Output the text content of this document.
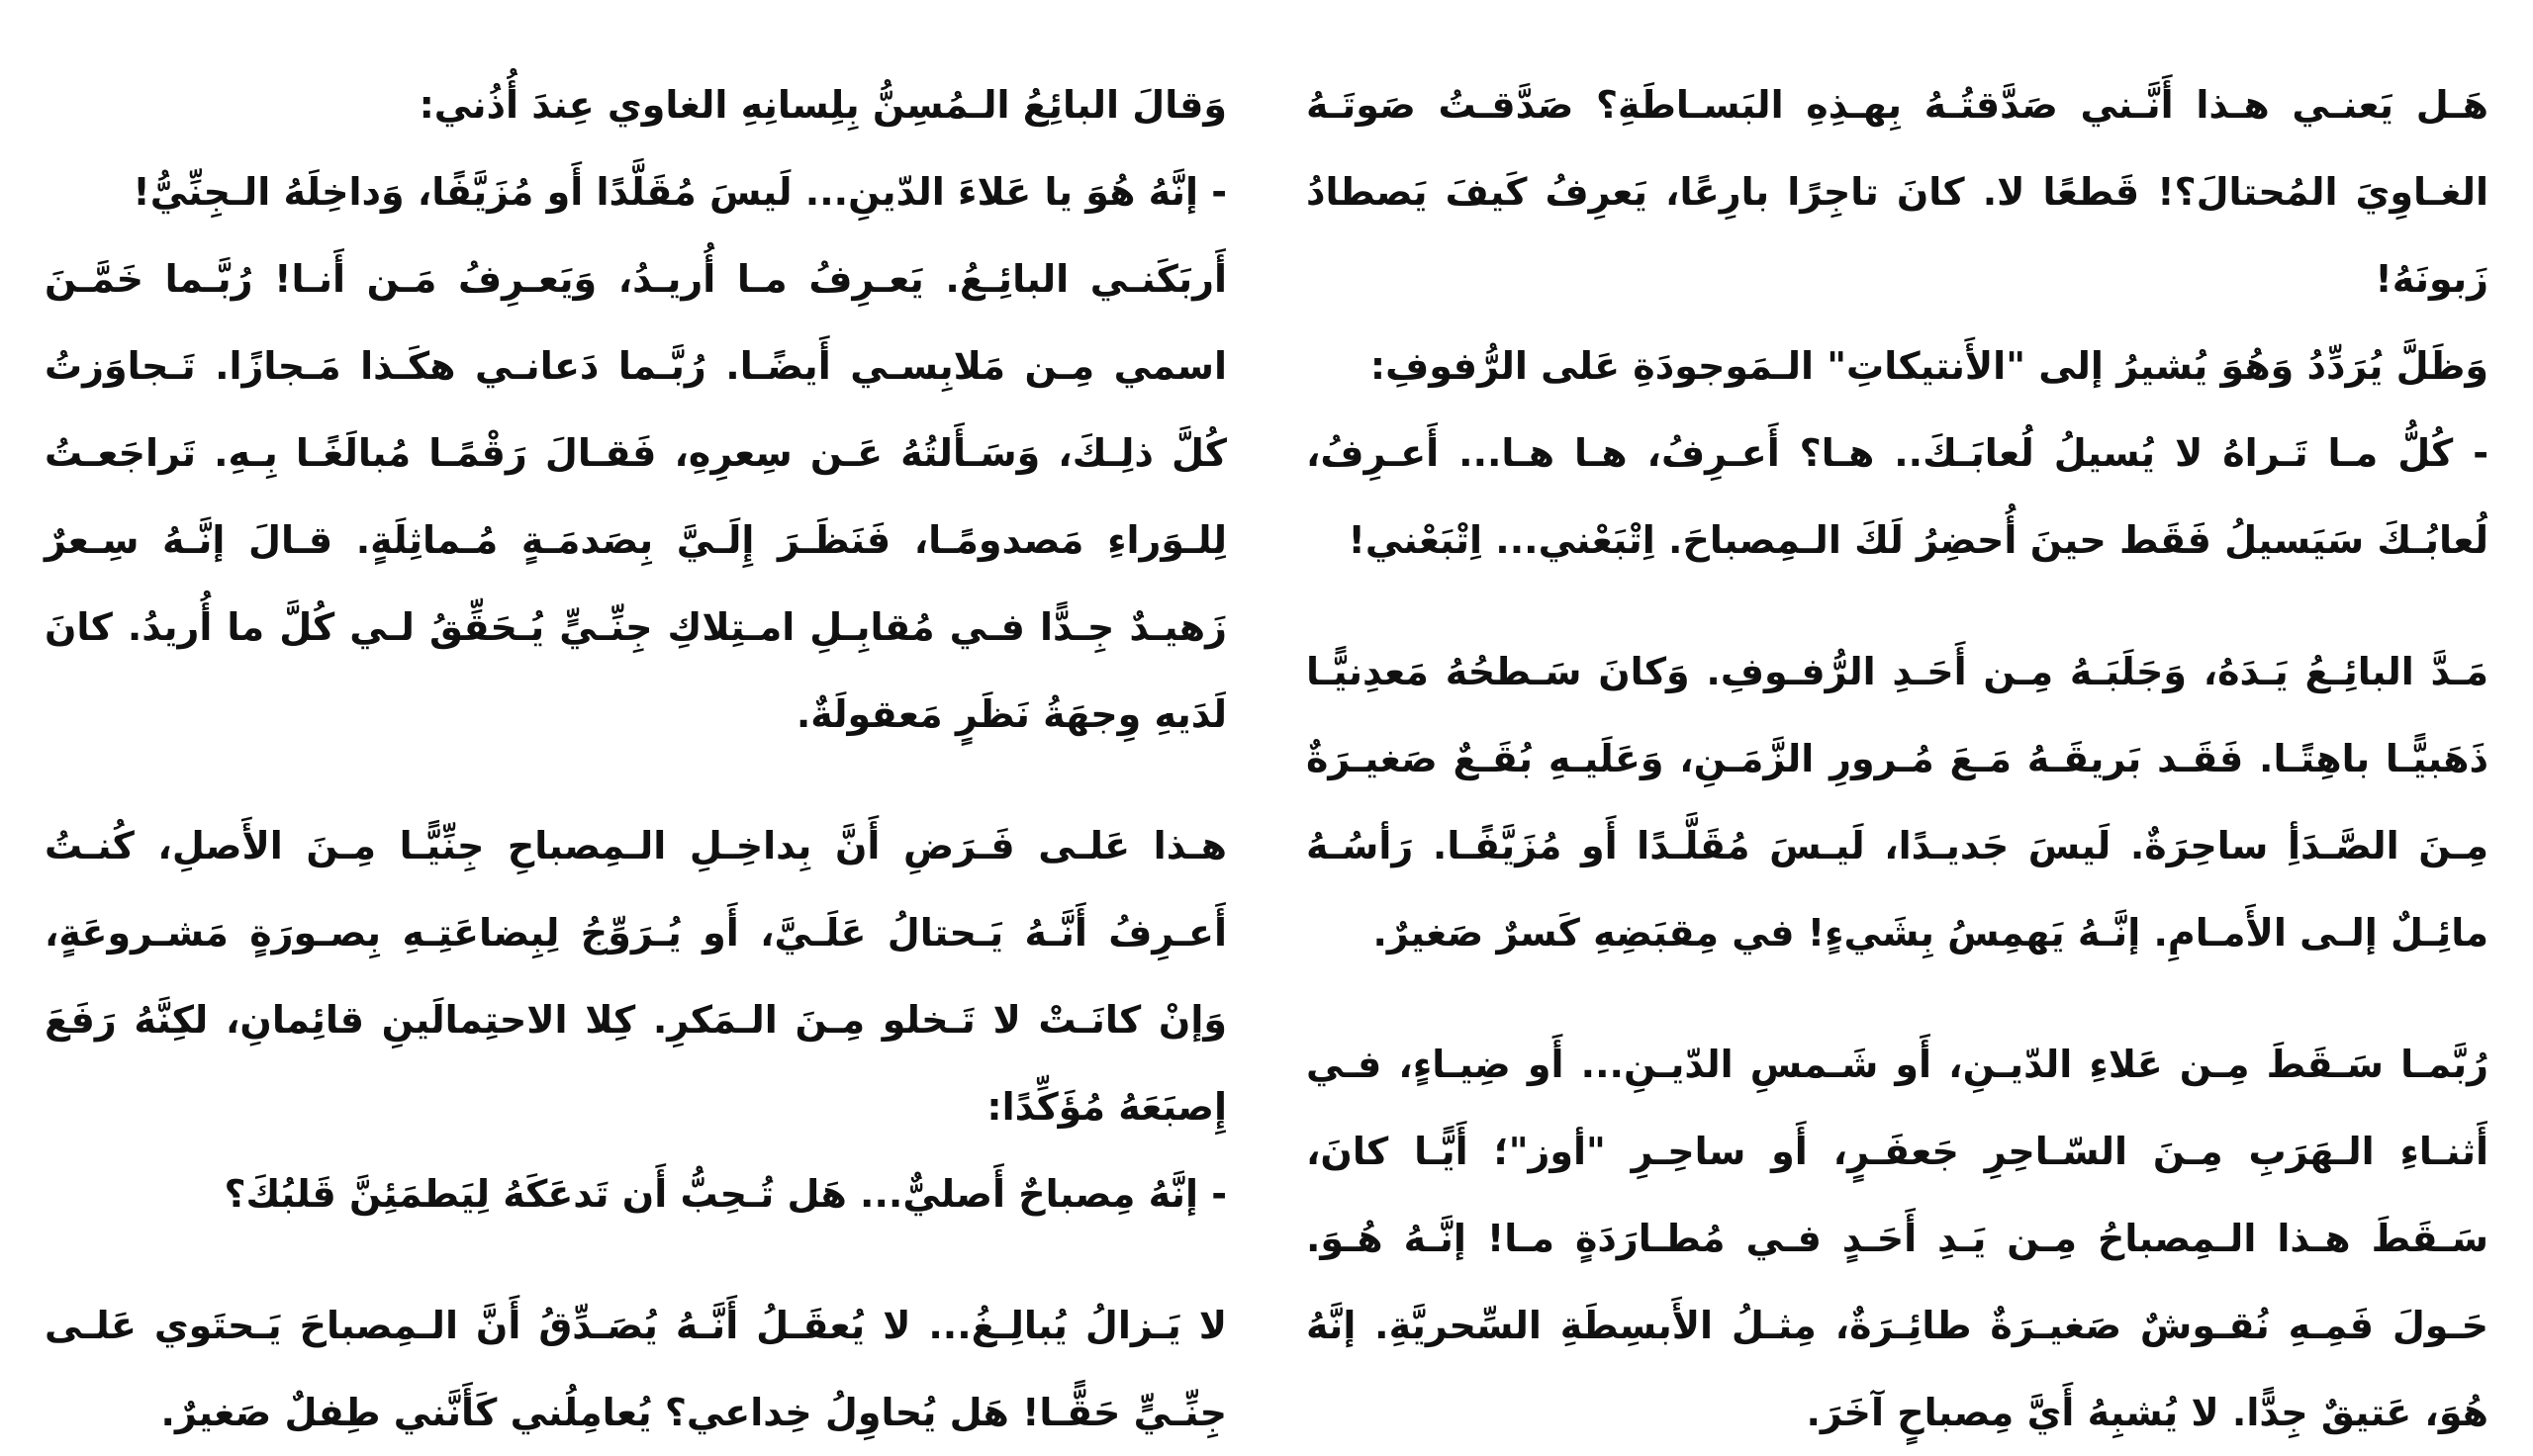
هَـل يَعنـي هـذا أَنَّـني صَدَّقتُـهُ بِهـذِهِ البَسـاطَةِ؟ صَدَّقـتُ صَوتَـهُ الغـاوِيَ المُحتالَ؟! قَطعًا لا. كانَ تاجِرًا بارِعًا، يَعرِفُ كَيفَ يَصطادُ زَبونَهُ!

وَظَلَّ يُرَدِّدُ وَهُوَ يُشيرُ إلى "الأَنتيكاتِ" الـمَوجودَةِ عَلى الرُّفوفِ:

- كُلُّ مـا تَـراهُ لا يُسيلُ لُعابَـكَ.. هـا؟ أَعـرِفُ، هـا هـا... أَعـرِفُ، لُعابُـكَ سَيَسيلُ فَقَط حينَ أُحضِرُ لَكَ الـمِصباحَ. اِتْبَعْني... اِتْبَعْني!

مَـدَّ البائِـعُ يَـدَهُ، وَجَلَبَـهُ مِـن أَحَـدِ الرُّفـوفِ. وَكانَ سَـطحُهُ مَعدِنيًّـا ذَهَبيًّـا باهِتًـا. فَقَـد بَريقَـهُ مَـعَ مُـرورِ الزَّمَـنِ، وَعَلَيـهِ بُقَـعٌ صَغيـرَةٌ مِـنَ الصَّـدَأِ ساحِرَةٌ. لَيسَ جَديـدًا، لَيـسَ مُقَلَّـدًا أَو مُزَيَّفًـا. رَأسُـهُ مائِـلٌ إلـى الأَمـامِ. إنَّـهُ يَهمِسُ بِشَيءٍ! في مِقبَضِهِ كَسرٌ صَغيرٌ.

رُبَّمـا سَـقَطَ مِـن عَلاءِ الدّيـنِ، أَو شَـمسِ الدّيـنِ... أَو ضِيـاءٍ، فـي أَثنـاءِ الـهَرَبِ مِـنَ السّـاحِرِ جَعفَـرٍ، أَو ساحِـرِ "أوز"؛ أَيًّـا كانَ، سَـقَطَ هـذا الـمِصباحُ مِـن يَـدِ أَحَـدٍ فـي مُطـارَدَةٍ مـا! إنَّـهُ هُـوَ. حَـولَ فَمِـهِ نُقـوشٌ صَغيـرَةٌ طائِـرَةٌ، مِثـلُ الأَبسِطَةِ السِّحريَّةِ. إنَّهُ هُوَ، عَتيقٌ جِدًّا. لا يُشبِهُ أَيَّ مِصباحٍ آخَرَ.

وَقالَ البائِعُ الـمُسِنُّ بِلِسانِهِ الغاوي عِندَ أُذُني:

- إنَّهُ هُوَ يا عَلاءَ الدّينِ... لَيسَ مُقَلَّدًا أَو مُزَيَّفًا، وَداخِلَهُ الـجِنِّيُّ!

أَربَكَنـي البائِـعُ. يَعـرِفُ مـا أُريـدُ، وَيَعـرِفُ مَـن أَنـا! رُبَّـما خَمَّـنَ اسمي مِـن مَلابِسـي أَيضًـا. رُبَّـما دَعانـي هكَـذا مَـجازًا. تَـجاوَزتُ كُلَّ ذلِـكَ، وَسَـأَلتُهُ عَـن سِعرِهِ، فَقـالَ رَقْمًـا مُبالَغًـا بِـهِ. تَراجَعـتُ لِلـوَراءِ مَصدومًـا، فَنَظَـرَ إِلَـيَّ بِصَدمَـةٍ مُـماثِلَةٍ. قـالَ إنَّـهُ سِـعرٌ زَهيـدٌ جِـدًّا فـي مُقابِـلِ امـتِلاكِ جِنِّـيٍّ يُـحَقِّقُ لـي كُلَّ ما أُريدُ. كانَ لَدَيهِ وِجهَةُ نَظَرٍ مَعقولَةٌ.

هـذا عَلـى فَـرَضِ أَنَّ بِداخِـلِ الـمِصباحِ جِنِّيًّـا مِـنَ الأَصلِ، كُنـتُ أَعـرِفُ أَنَّـهُ يَـحتالُ عَلَـيَّ، أَو يُـرَوِّجُ لِبِضاعَتِـهِ بِصـورَةٍ مَشـروعَةٍ، وَإنْ كانَـتْ لا تَـخلو مِـنَ الـمَكرِ. كِلا الاحتِمالَينِ قائِمانِ، لكِنَّهُ رَفَعَ إِصبَعَهُ مُؤَكِّدًا:

- إنَّهُ مِصباحٌ أَصليٌّ... هَل تُـحِبُّ أَن تَدعَكَهُ لِيَطمَئِنَّ قَلبُكَ؟

لا يَـزالُ يُبالِـغُ... لا يُعقَـلُ أَنَّـهُ يُصَـدِّقُ أَنَّ الـمِصباحَ يَـحتَوي عَلـى جِنِّـيٍّ حَقًّـا! هَل يُحاوِلُ خِداعي؟ يُعامِلُني كَأَنَّني طِفلٌ صَغيرٌ.
